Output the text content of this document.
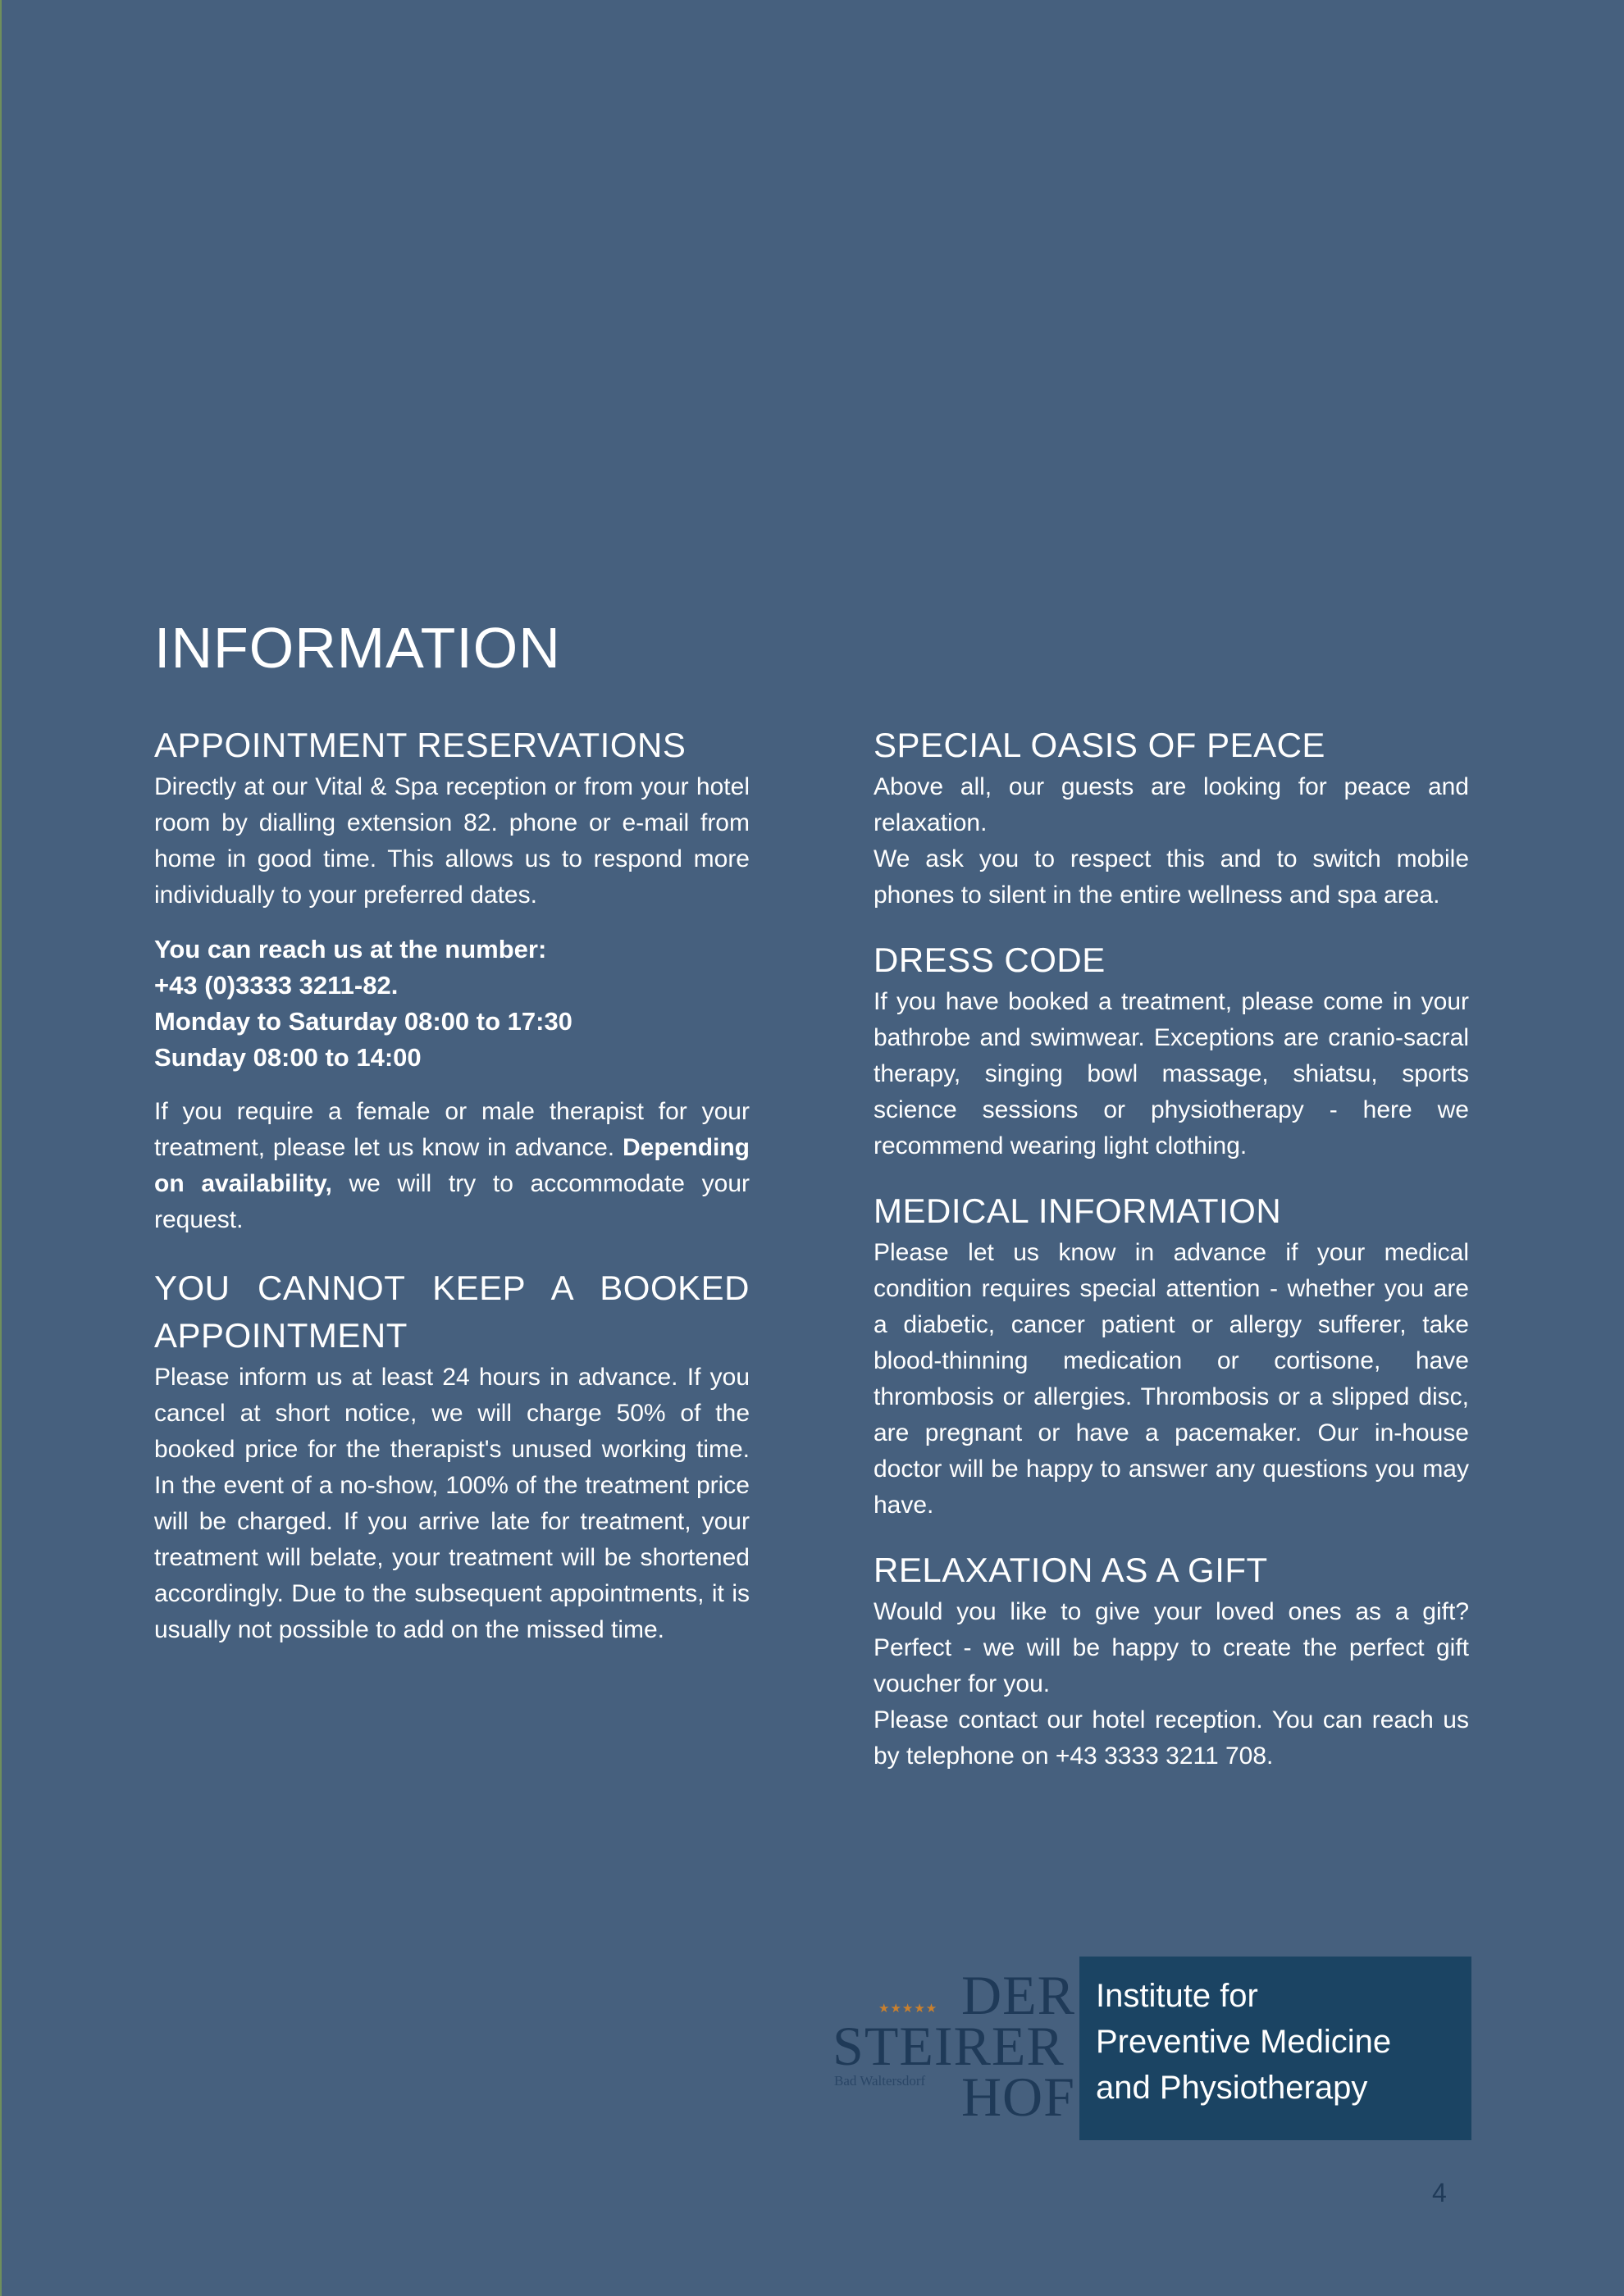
INFORMATION
APPOINTMENT RESERVATIONS

Directly at our Vital & Spa reception or from your hotel room by dialling extension 82. phone or e-mail from home in good time. This allows us to respond more individually to your preferred dates.

You can reach us at the number:
+43 (0)3333 3211-82.
Monday to Saturday 08:00 to 17:30
Sunday 08:00 to 14:00

If you require a female or male therapist for your treatment, please let us know in advance. Depending on availability, we will try to accommodate your request.

YOU CANNOT KEEP A BOOKED APPOINTMENT

Please inform us at least 24 hours in advance. If you cancel at short notice, we will charge 50% of the booked price for the therapist's unused working time. In the event of a no-show, 100% of the treatment price will be charged. If you arrive late for treatment, your treatment will belate, your treatment will be shortened accordingly. Due to the subsequent appointments, it is usually not possible to add on the missed time.

SPECIAL OASIS OF PEACE

Above all, our guests are looking for peace and relaxation.

We ask you to respect this and to switch mobile phones to silent in the entire wellness and spa area.

DRESS CODE

If you have booked a treatment, please come in your bathrobe and swimwear. Exceptions are cranio-sacral therapy, singing bowl massage, shiatsu, sports science sessions or physiotherapy - here we recommend wearing light clothing.

MEDICAL INFORMATION

Please let us know in advance if your medical condition requires special attention - whether you are a diabetic, cancer patient or allergy sufferer, take blood-thinning medication or cortisone, have thrombosis or allergies. Thrombosis or a slipped disc, are pregnant or have a pacemaker. Our in-house doctor will be happy to answer any questions you may have.

RELAXATION AS A GIFT

Would you like to give your loved ones as a gift? Perfect - we will be happy to create the perfect gift voucher for you.

Please contact our hotel reception. You can reach us by telephone on +43 3333 3211 708.

DER
★★★★★
STEIRER
Bad Waltersdorf HOF
Institute for
Preventive Medicine
and Physiotherapy
4
